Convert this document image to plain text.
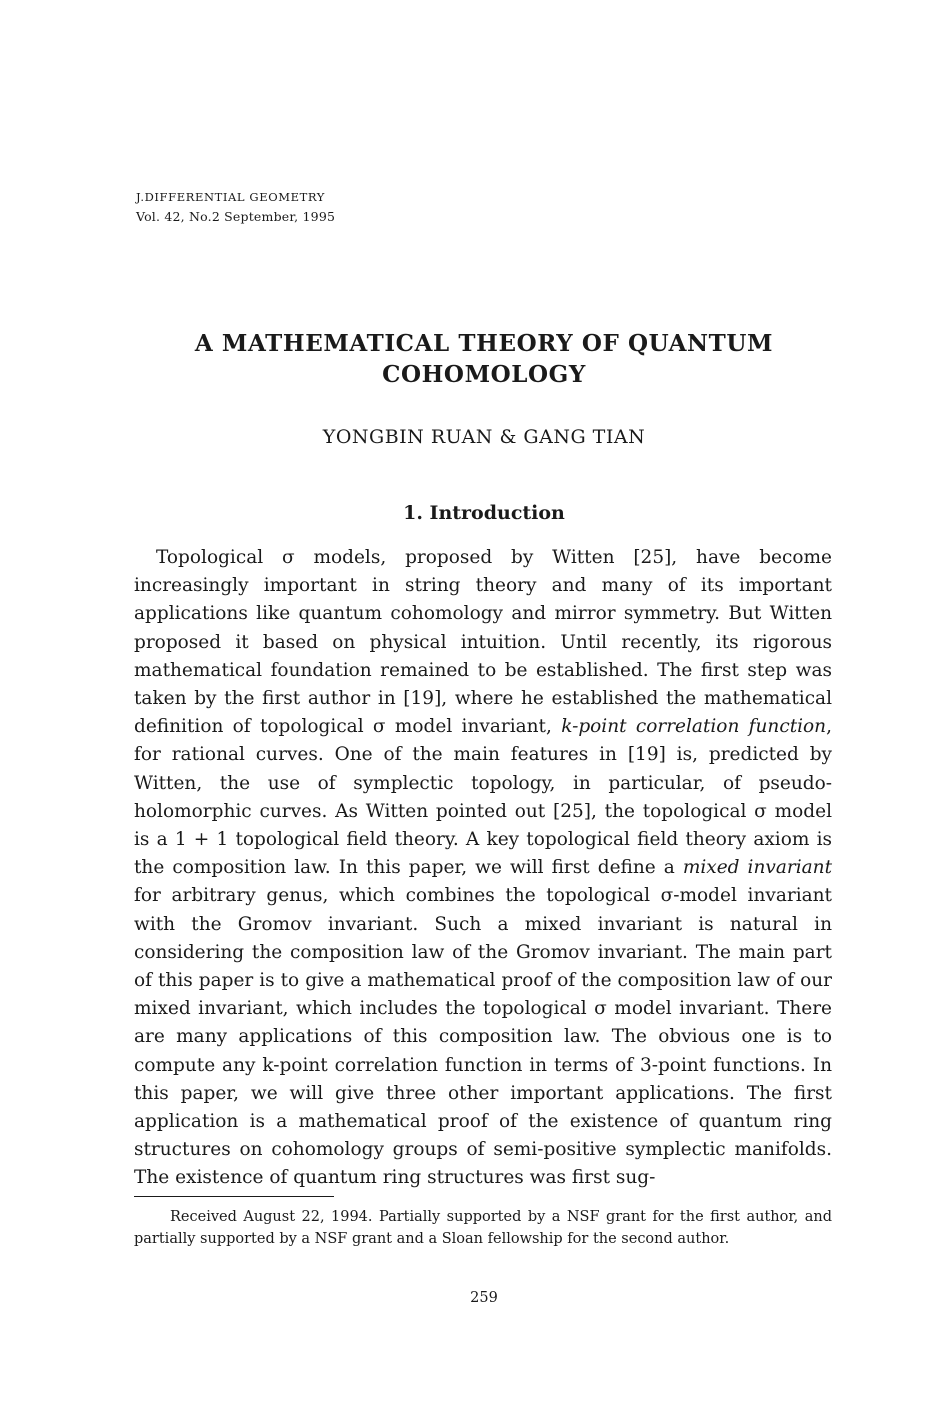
J.DIFFERENTIAL GEOMETRY
Vol. 42, No.2 September, 1995
A MATHEMATICAL THEORY OF QUANTUM COHOMOLOGY
YONGBIN RUAN & GANG TIAN
1. Introduction

Topological σ models, proposed by Witten [25], have become increasingly important in string theory and many of its important applications like quantum cohomology and mirror symmetry. But Witten proposed it based on physical intuition. Until recently, its rigorous mathematical foundation remained to be established. The first step was taken by the first author in [19], where he established the mathematical definition of topological σ model invariant, k-point correlation function, for rational curves. One of the main features in [19] is, predicted by Witten, the use of symplectic topology, in particular, of pseudo-holomorphic curves. As Witten pointed out [25], the topological σ model is a 1 + 1 topological field theory. A key topological field theory axiom is the composition law. In this paper, we will first define a mixed invariant for arbitrary genus, which combines the topological σ-model invariant with the Gromov invariant. Such a mixed invariant is natural in considering the composition law of the Gromov invariant. The main part of this paper is to give a mathematical proof of the composition law of our mixed invariant, which includes the topological σ model invariant. There are many applications of this composition law. The obvious one is to compute any k-point correlation function in terms of 3-point functions. In this paper, we will give three other important applications. The first application is a mathematical proof of the existence of quantum ring structures on cohomology groups of semi-positive symplectic manifolds. The existence of quantum ring structures was first sug-

Received August 22, 1994. Partially supported by a NSF grant for the first author, and partially supported by a NSF grant and a Sloan fellowship for the second author.

259
